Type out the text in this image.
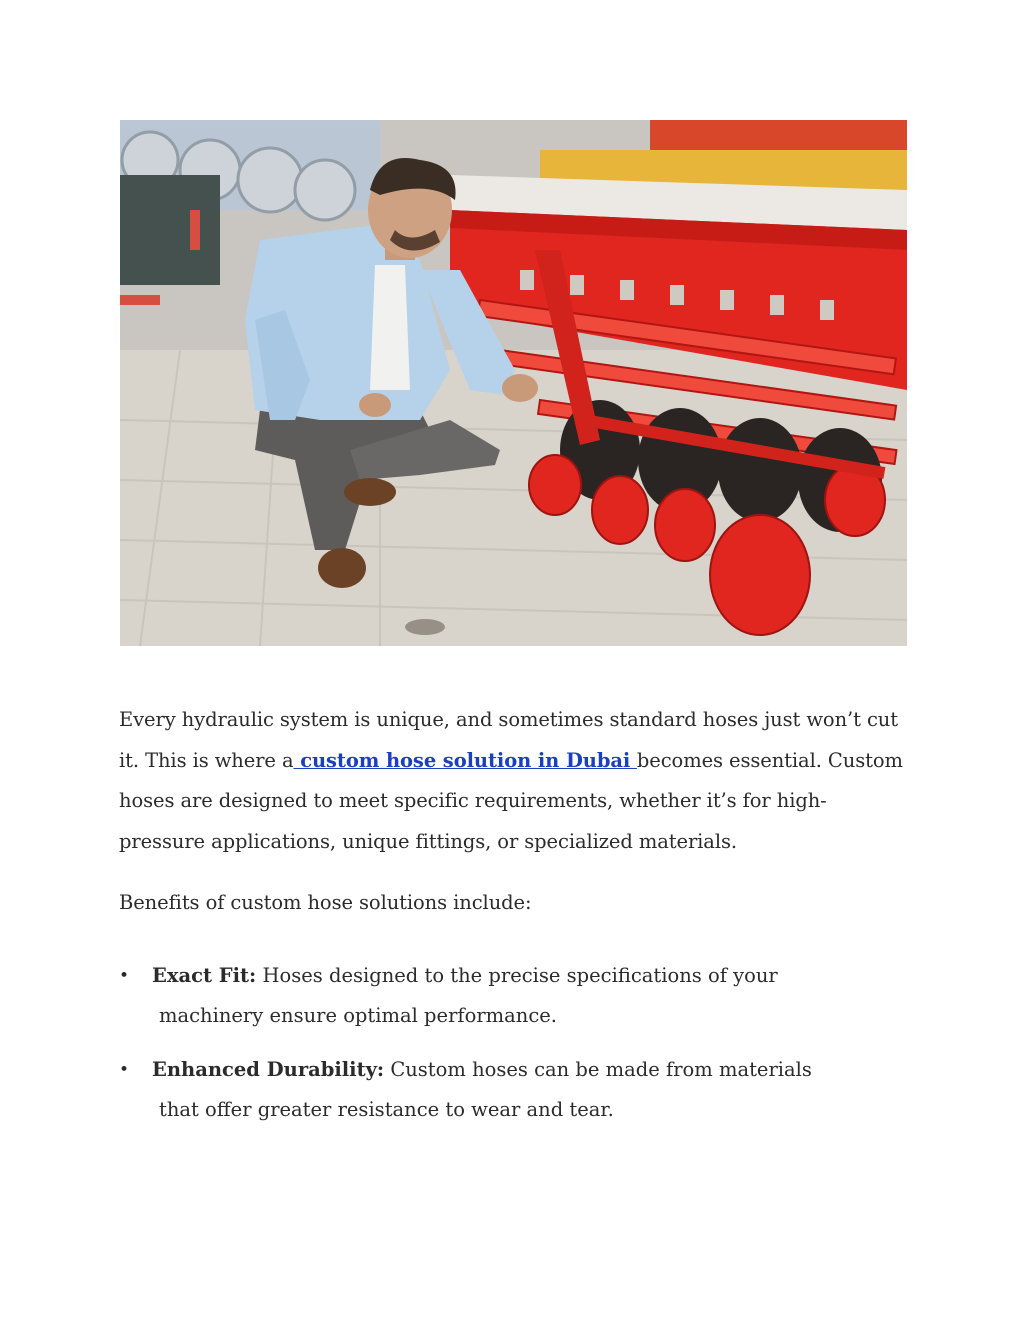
Every hydraulic system is unique, and sometimes standard hoses just won’t cut it. This is where a custom hose solution in Dubai becomes essential. Custom hoses are designed to meet specific requirements, whether it’s for high-pressure applications, unique fittings, or specialized materials.

Benefits of custom hose solutions include:

• Exact Fit: Hoses designed to the precise specifications of your
machinery ensure optimal performance.
• Enhanced Durability: Custom hoses can be made from materials
that offer greater resistance to wear and tear.
